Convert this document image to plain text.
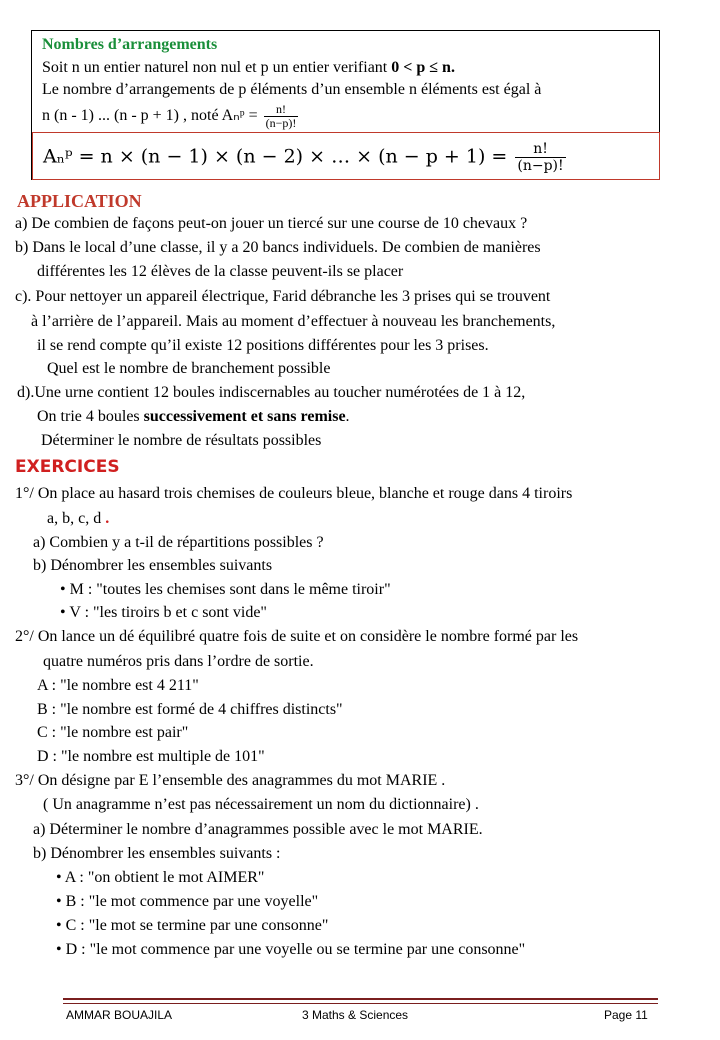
Nombres d’arrangements
Soit n un entier naturel non nul et p un entier verifiant 0 < p ≤ n.
Le nombre d’arrangements de p éléments d’un ensemble n éléments est égal à
n (n - 1) ... (n - p + 1) , noté Aₙᵖ = $\frac{n!}{(n-p)!}$
Aₙᵖ = n × (n − 1) × (n − 2) × … × $(n - p + 1) = \frac{n!}{(n-p)!}$
APPLICATION
a) De combien de façons peut-on jouer un tiercé sur une course de 10 chevaux ?
b) Dans le local d’une classe, il y a 20 bancs individuels. De combien de manières
différentes les 12 élèves de la classe peuvent-ils se placer
c). Pour nettoyer un appareil électrique, Farid débranche les 3 prises qui se trouvent
à l’arrière de l’appareil. Mais au moment d’effectuer à nouveau les branchements,
il se rend compte qu’il existe 12 positions différentes pour les 3 prises.
Quel est le nombre de branchement possible
d).Une urne contient 12 boules indiscernables au toucher numérotées de 1 à 12,
On trie 4 boules successivement et sans remise.
Déterminer le nombre de résultats possibles
EXERCICES
1°/ On place au hasard trois chemises de couleurs bleue, blanche et rouge dans 4 tiroirs
a, b, c, d .
a) Combien y a t-il de répartitions possibles ?
b) Dénombrer les ensembles suivants
• M : "toutes les chemises sont dans le même tiroir"
• V : "les tiroirs b et c sont vide"
2°/ On lance un dé équilibré quatre fois de suite et on considère le nombre formé par les
quatre numéros pris dans l’ordre de sortie.
A : "le nombre est 4 211"
B : "le nombre est formé de 4 chiffres distincts"
C : "le nombre est pair"
D : "le nombre est multiple de 101"
3°/ On désigne par E l’ensemble des anagrammes du mot MARIE .
( Un anagramme n’est pas nécessairement un nom du dictionnaire) .
a) Déterminer le nombre d’anagrammes possible avec le mot MARIE.
b) Dénombrer les ensembles suivants :
• A : "on obtient le mot AIMER"
• B : "le mot commence par une voyelle"
• C : "le mot se termine par une consonne"
• D : "le mot commence par une voyelle ou se termine par une consonne"
AMMAR BOUAJILA	3 Maths & Sciences	Page 11
